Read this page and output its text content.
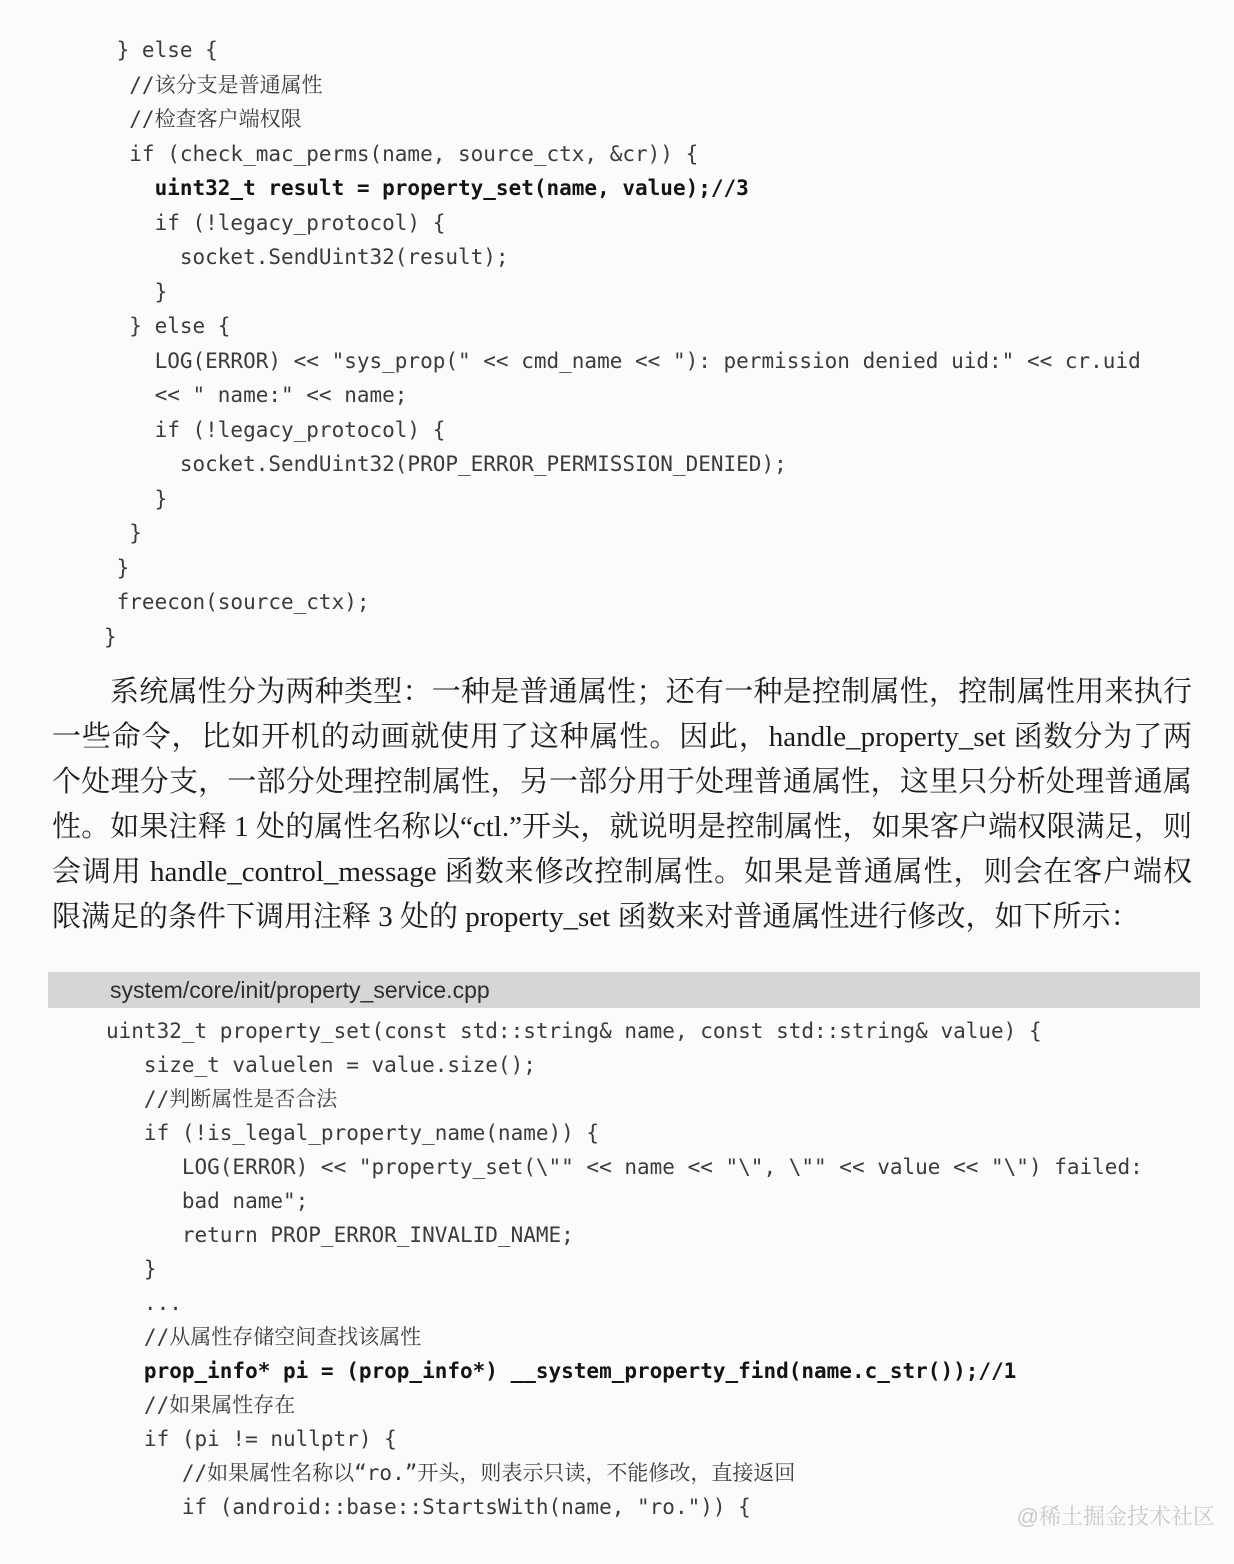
} else {
//该分支是普通属性
//检查客户端权限
if (check_mac_perms(name, source_ctx, &cr)) {
uint32_t result = property_set(name, value);//3
if (!legacy_protocol) {
socket.SendUint32(result);
}
} else {
LOG(ERROR) << "sys_prop(" << cmd_name << "): permission denied uid:" << cr.uid
<< " name:" << name;
if (!legacy_protocol) {
socket.SendUint32(PROP_ERROR_PERMISSION_DENIED);
}
}
}
freecon(source_ctx);
}

系统属性分为两种类型：一种是普通属性；还有一种是控制属性，控制属性用来执行一些命令，比如开机的动画就使用了这种属性。因此，handle_property_set 函数分为了两个处理分支，一部分处理控制属性，另一部分用于处理普通属性，这里只分析处理普通属性。如果注释 1 处的属性名称以“ctl.”开头，就说明是控制属性，如果客户端权限满足，则会调用 handle_control_message 函数来修改控制属性。如果是普通属性，则会在客户端权限满足的条件下调用注释 3 处的 property_set 函数来对普通属性进行修改，如下所示：

system/core/init/property_service.cpp
uint32_t property_set(const std::string& name, const std::string& value) {
size_t valuelen = value.size();
//判断属性是否合法
if (!is_legal_property_name(name)) {
LOG(ERROR) << "property_set(\"" << name << "\", \"" << value << "\") failed:
bad name";
return PROP_ERROR_INVALID_NAME;
}
...
//从属性存储空间查找该属性
prop_info* pi = (prop_info*) __system_property_find(name.c_str());//1
//如果属性存在
if (pi != nullptr) {
//如果属性名称以“ro.”开头，则表示只读，不能修改，直接返回
if (android::base::StartsWith(name, "ro.")) {	@稀土掘金技术社区
